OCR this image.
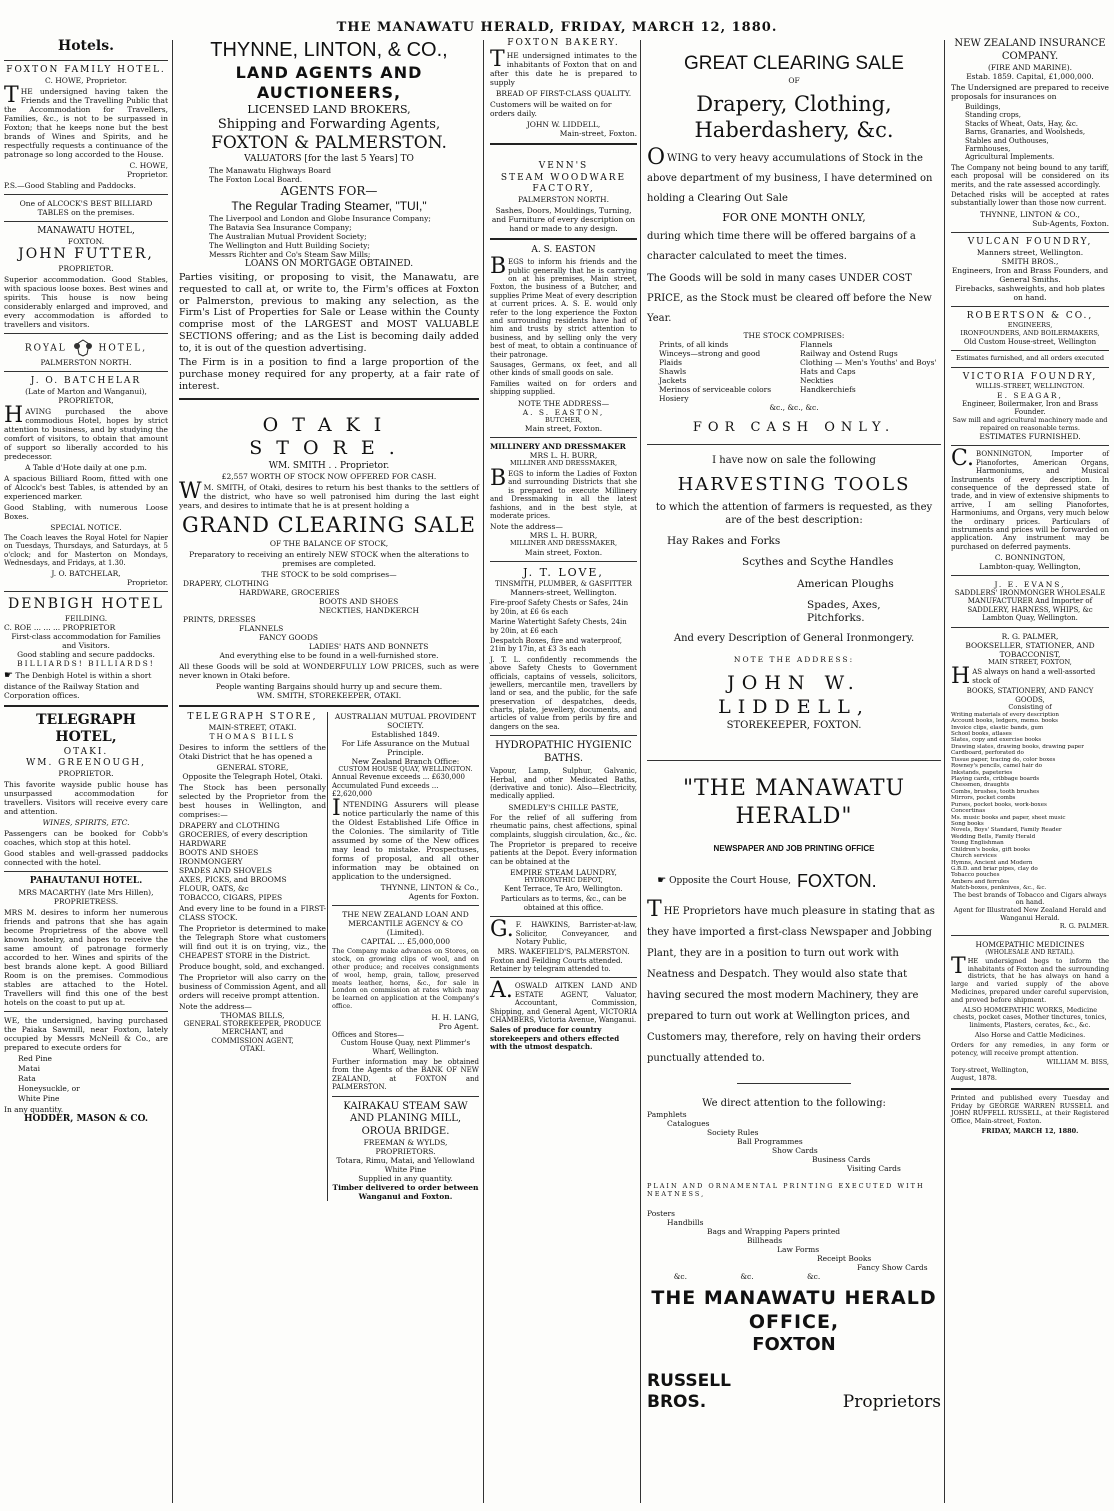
THE MANAWATU HERALD, FRIDAY, MARCH 12, 1880.
Hotels.
FOXTON FAMILY HOTEL.
C. HOWE, Proprietor.

THE undersigned having taken the Friends and the Travelling Public that the Accommodation for Travellers, Families, &c., is not to be surpassed in Foxton; that he keeps none but the best brands of Wines and Spirits, and he respectfully requests a continuance of the patronage so long accorded to the House.

C. HOWE,
Proprietor.

P.S.—Good Stabling and Paddocks.

One of ALCOCK'S BEST BILLIARD
TABLES on the premises.
MANAWATU HOTEL,
FOXTON.
JOHN FUTTER,
PROPRIETOR.

Superior accommodation. Good Stables, with spacious loose boxes. Best wines and spirits. This house is now being considerably enlarged and improved, and every accommodation is afforded to travellers and visitors.

ROYAL	HOTEL,
PALMERSTON NORTH.
J. O. BATCHELAR
(Late of Marton and Wanganui),
PROPRIETOR,

HAVING purchased the above commodious Hotel, hopes by strict attention to business, and by studying the comfort of visitors, to obtain that amount of support so liberally accorded to his predecessor.

A Table d'Hote daily at one p.m.

A spacious Billiard Room, fitted with one of Alcock's best Tables, is attended by an experienced marker.

Good Stabling, with numerous Loose Boxes.

SPECIAL NOTICE.

The Coach leaves the Royal Hotel for Napier on Tuesdays, Thursdays, and Saturdays, at 5 o'clock; and for Masterton on Mondays, Wednesdays, and Fridays, at 1.30.

J. O. BATCHELAR,
Proprietor.
DENBIGH HOTEL
FEILDING.
C. ROE ... ... ... PROPRIETOR
First-class accommodation for Families and Visitors.
Good stabling and secure paddocks.
BILLIARDS! BILLIARDS!

☛ The Denbigh Hotel is within a short distance of the Railway Station and Corporation offices.

TELEGRAPH HOTEL,
OTAKI.
WM. GREENOUGH,
PROPRIETOR.

This favorite wayside public house has unsurpassed accommodation for travellers. Visitors will receive every care and attention.

WINES, SPIRITS, ETC.

Passengers can be booked for Cobb's coaches, which stop at this hotel.

Good stables and well-grassed paddocks connected with the hotel.

PAHAUTANUI HOTEL.
MRS MACARTHY (late Mrs Hillen),
PROPRIETRESS.

MRS M. desires to inform her numerous friends and patrons that she has again become Proprietress of the above well known hostelry, and hopes to receive the same amount of patronage formerly accorded to her. Wines and spirits of the best brands alone kept. A good Billiard Room is on the premises. Commodious stables are attached to the Hotel. Travellers will find this one of the best hotels on the coast to put up at.

WE, the undersigned, having purchased the Paiaka Sawmill, near Foxton, lately occupied by Messrs McNeill & Co., are prepared to execute orders for

Red Pine
Matai
Rata
Honeysuckle, or
White Pine
In any quantity.
HODDER, MASON & CO.
THYNNE, LINTON, & CO.,
LAND AGENTS AND AUCTIONEERS,
LICENSED LAND BROKERS,
Shipping and Forwarding Agents,
FOXTON & PALMERSTON.
VALUATORS [for the last 5 Years] TO
The Manawatu Highways Board
The Foxton Local Board.
AGENTS FOR—
The Regular Trading Steamer, "TUI,"
The Liverpool and London and Globe Insurance Company;
The Batavia Sea Insurance Company;
The Australian Mutual Provident Society;
The Wellington and Hutt Building Society;
Messrs Richter and Co's Steam Saw Mills;
LOANS ON MORTGAGE OBTAINED.

Parties visiting, or proposing to visit, the Manawatu, are requested to call at, or write to, the Firm's offices at Foxton or Palmerston, previous to making any selection, as the Firm's List of Properties for Sale or Lease within the County comprise most of the LARGEST and MOST VALUABLE SECTIONS offering; and as the List is becoming daily added to, it is out of the question advertising.

The Firm is in a position to find a large proportion of the purchase money required for any property, at a fair rate of interest.

OTAKI STORE.
WM. SMITH . . Proprietor.
£2,557 WORTH OF STOCK NOW OFFERED FOR CASH.

WM. SMITH, of Otaki, desires to return his best thanks to the settlers of the district, who have so well patronised him during the last eight years, and desires to intimate that he is at present holding a

GRAND CLEARING SALE
OF THE BALANCE OF STOCK,

Preparatory to receiving an entirely NEW STOCK when the alterations to premises are completed.

THE STOCK to be sold comprises—
DRAPERY, CLOTHING
HARDWARE, GROCERIES
BOOTS AND SHOES
NECKTIES, HANDKERCH
PRINTS, DRESSES
FLANNELS
FANCY GOODS
LADIES' HATS AND BONNETS
And everything else to be found in a well-furnished store.

All these Goods will be sold at WONDERFULLY LOW PRICES, such as were never known in Otaki before.

People wanting Bargains should hurry up and secure them.
WM. SMITH, STOREKEEPER, OTAKI.
TELEGRAPH STORE,
MAIN-STREET, OTAKI.
THOMAS BILLS

Desires to inform the settlers of the Otaki District that he has opened a

GENERAL STORE,
Opposite the Telegraph Hotel, Otaki.

The Stock has been personally selected by the Proprietor from the best houses in Wellington, and comprises:—

DRAPERY and CLOTHING
GROCERIES, of every description
HARDWARE
BOOTS AND SHOES
IRONMONGERY
SPADES AND SHOVELS
AXES, PICKS, and BROOMS
FLOUR, OATS, &c
TOBACCO, CIGARS, PIPES

And every line to be found in a FIRST-CLASS STOCK.

The Proprietor is determined to make the Telegraph Store what customers will find out it is on trying, viz., the CHEAPEST STORE in the District.

Produce bought, sold, and exchanged.

The Proprietor will also carry on the business of Commission Agent, and all orders will receive prompt attention.

Note the address—
THOMAS BILLS,
GENERAL STOREKEEPER, PRODUCE
MERCHANT, and
COMMISSION AGENT,
OTAKI.
AUSTRALIAN MUTUAL PROVIDENT SOCIETY.
Established 1849.
For Life Assurance on the Mutual Principle.
New Zealand Branch Office:
CUSTOM HOUSE QUAY, WELLINGTON.
Annual Revenue exceeds ... £630,000
Accumulated Fund exceeds ... £2,620,000

INTENDING Assurers will please notice particularly the name of this the Oldest Established Life Office in the Colonies. The similarity of Title assumed by some of the New offices may lead to mistake. Prospectuses, forms of proposal, and all other information may be obtained on application to the undersigned.

THYNNE, LINTON & Co.,
Agents for Foxton.
THE NEW ZEALAND LOAN AND MERCANTILE AGENCY & CO (Limited).
CAPITAL ... £5,000,000

The Company make advances on Stores, on stock, on growing clips of wool, and on other produce; and receives consignments of wool, hemp, grain, tallow, preserved meats leather, horns, &c., for sale in London on commission at rates which may be learned on application at the Company's office.

H. H. LANG,
Pro Agent.
Offices and Stores—
Custom House Quay, next Plimmer's Wharf, Wellington.

Further information may be obtained from the Agents of the BANK OF NEW ZEALAND, at FOXTON and PALMERSTON.

KAIRAKAU STEAM SAW AND PLANING MILL, OROUA BRIDGE.
FREEMAN & WYLDS,
PROPRIETORS.
Totara, Rimu, Matai, and Yellowland White Pine
Supplied in any quantity.
Timber delivered to order between Wanganui and Foxton.
FOXTON BAKERY.

THE undersigned intimates to the inhabitants of Foxton that on and after this date he is prepared to supply

BREAD OF FIRST-CLASS QUALITY.

Customers will be waited on for orders daily.

JOHN W. LIDDELL,
Main-street, Foxton.
VENN'S
STEAM WOODWARE FACTORY,
PALMERSTON NORTH.

Sashes, Doors, Mouldings, Turning, and Furniture of every description on hand or made to any design.

A. S. EASTON

BEGS to inform his friends and the public generally that he is carrying on at his premises, Main street, Foxton, the business of a Butcher, and supplies Prime Meat of every description at current prices. A. S. E. would only refer to the long experience the Foxton and surrounding residents have had of him and trusts by strict attention to business, and by selling only the very best of meat, to obtain a continuance of their patronage.

Sausages, Germans, ox feet, and all other kinds of small goods on sale.

Families waited on for orders and shipping supplied.

NOTE THE ADDRESS—
A. S. EASTON,
BUTCHER,
Main street, Foxton.
MILLINERY AND DRESSMAKER
MRS L. H. BURR,
MILLINER AND DRESSMAKER,

BEGS to inform the Ladies of Foxton and surrounding Districts that she is prepared to execute Millinery and Dressmaking in all the latest fashions, and in the best style, at moderate prices.

Note the address—
MRS L. H. BURR,
MILLINER AND DRESSMAKER,
Main street, Foxton.
J. T. LOVE,
TINSMITH, PLUMBER, & GASFITTER
Manners-street, Wellington.

Fire-proof Safety Chests or Safes, 24in by 20in, at £6 6s each

Marine Watertight Safety Chests, 24in by 20in, at £6 each

Despatch Boxes, fire and waterproof, 21in by 17in, at £3 3s each

J. T. L. confidently recommends the above Safety Chests to Government officials, captains of vessels, solicitors, jewellers, mercantile men, travellers by land or sea, and the public, for the safe preservation of despatches, deeds, charts, plate, jewellery, documents, and articles of value from perils by fire and dangers on the sea.

HYDROPATHIC HYGIENIC BATHS.

Vapour, Lamp, Sulphur, Galvanic, Herbal, and other Medicated Baths, (derivative and tonic). Also—Electricity, medically applied.

SMEDLEY'S CHILLE PASTE,

For the relief of all suffering from rheumatic pains, chest affections, spinal complaints, sluggish circulation, &c., &c.

The Proprietor is prepared to receive patients at the Depot. Every information can be obtained at the

EMPIRE STEAM LAUNDRY,
HYDROPATHIC DEPOT,
Kent Terrace, Te Aro, Wellington.

Particulars as to terms, &c., can be obtained at this office.

G.F. HAWKINS, Barrister-at-law, Solicitor, Conveyancer, and Notary Public,

MRS. WAKEFIELD'S, PALMERSTON.
Foxton and Feilding Courts attended.
Retainer by telegram attended to.

A.OSWALD AITKEN LAND AND ESTATE AGENT, Valuator, Accountant, Commission, Shipping, and General Agent, VICTORIA CHAMBERS, Victoria Avenue, Wanganui.

Sales of produce for country storekeepers and others effected with the utmost despatch.

GREAT CLEARING SALE
OF
Drapery, Clothing, Haberdashery, &c.

OWING to very heavy accumulations of Stock in the above department of my business, I have determined on holding a Clearing Out Sale

FOR ONE MONTH ONLY,

during which time there will be offered bargains of a character calculated to meet the times.

The Goods will be sold in many cases UNDER COST PRICE, as the Stock must be cleared off before the New Year.

THE STOCK COMPRISES:
Prints, of all kinds
Winceys—strong and good
Plaids
Shawls
Jackets
Merinos of serviceable colors
Hosiery
Flannels
Railway and Ostend Rugs
Clothing — Men's Youths' and Boys'
Hats and Caps
Neckties
Handkerchiefs
&c., &c., &c.
FOR CASH ONLY.
I have now on sale the following
HARVESTING TOOLS
to which the attention of farmers is requested, as they are of the best description:
Hay Rakes and Forks
Scythes and Scythe Handles
American Ploughs
Spades, Axes, Pitchforks.
And every Description of General Ironmongery.
NOTE THE ADDRESS:
JOHN W. LIDDELL,
STOREKEEPER, FOXTON.
"THE MANAWATU HERALD"
NEWSPAPER AND JOB PRINTING OFFICE
☛ Opposite the Court House, FOXTON.

THE Proprietors have much pleasure in stating that as they have imported a first-class Newspaper and Jobbing Plant, they are in a position to turn out work with Neatness and Despatch. They would also state that having secured the most modern Machinery, they are prepared to turn out work at Wellington prices, and Customers may, therefore, rely on having their orders punctually attended to.

We direct attention to the following:
Pamphlets
Catalogues
Society Rules
Ball Programmes
Show Cards
Business Cards
Visiting Cards
PLAIN AND ORNAMENTAL PRINTING EXECUTED WITH NEATNESS,
Posters
Handbills
Bags and Wrapping Papers printed
Billheads
Law Forms
Receipt Books
Fancy Show Cards
&c.	&c.	&c.
THE MANAWATU HERALD OFFICE,
FOXTON
RUSSELL BROS.	Proprietors
NEW ZEALAND INSURANCE COMPANY.
(FIRE AND MARINE).
Estab. 1859. Capital, £1,000,000.

The Undersigned are prepared to receive proposals for insurances on

Buildings,
Standing crops,
Stacks of Wheat, Oats, Hay, &c.
Barns, Granaries, and Woolsheds,
Stables and Outhouses,
Farmhouses,
Agricultural Implements.

The Company not being bound to any tariff, each proposal will be considered on its merits, and the rate assessed accordingly.

Detached risks will be accepted at rates substantially lower than those now current.

THYNNE, LINTON & CO.,
Sub-Agents, Foxton.
VULCAN FOUNDRY,
Manners street, Wellington.
SMITH BROS.,
Engineers, Iron and Brass Founders, and General Smiths.
Firebacks, sashweights, and hob plates on hand.
ROBERTSON & CO.,
ENGINEERS,
IRONFOUNDERS, AND BOILERMAKERS,
Old Custom House-street, Wellington
Estimates furnished, and all orders executed
VICTORIA FOUNDRY,
WILLIS-STREET, WELLINGTON.
E. SEAGAR,
Engineer, Boilermaker, Iron and Brass Founder.
Saw mill and agricultural machinery made and repaired on reasonable terms.
ESTIMATES FURNISHED.

C.BONNINGTON, Importer of Pianofortes, American Organs, Harmoniums, and Musical Instruments of every description. In consequence of the depressed state of trade, and in view of extensive shipments to arrive, I am selling Pianofortes, Harmoniums, and Organs, very much below the ordinary prices. Particulars of instruments and prices will be forwarded on application. Any instrument may be purchased on deferred payments.

C. BONNINGTON,
Lambton-quay, Wellington,
J. E. EVANS,
SADDLERS' IRONMONGER WHOLESALE MANUFACTURER And Importer of
SADDLERY, HARNESS, WHIPS, &c
Lambton Quay, Wellington.
R. G. PALMER,
BOOKSELLER, STATIONER, AND TOBACCONIST,
MAIN STREET, FOXTON,

HAS always on hand a well-assorted stock of

BOOKS, STATIONERY, AND FANCY GOODS,
Consisting of
Writing materials of every description
Account books, ledgers, memo. books
Invoice clips, elastic bands, gum
School books, atlases
Slates, copy and exercise books
Drawing slates, drawing books, drawing paper
Cardboard, perforated do
Tissue paper, tracing do, color boxes
Rowney's pencils, camel hair do
Inkstands, papeteries
Playing cards, cribbage boards
Chessmen, draughts
Combs, brushes, tooth brushes
Mirrors, pocket combs
Purses, pocket books, work-boxes
Concertinas
Ms. music books and paper, sheet music
Song books
Novels, Boys' Standard, Family Reader
Wedding Bells, Family Herald
Young Englishman
Children's books, gift books
Church services
Hymns, Ancient and Modern
G.B.D. and briar pipes, clay do
Tobacco pouches
Ambers and ferrules
Match-boxes, penknives, &c., &c.
The best brands of Tobacco and Cigars always on hand.
Agent for Illustrated New Zealand Herald and Wanganui Herald.
R. G. PALMER.
HOMŒPATHIC MEDICINES
(WHOLESALE AND RETAIL).

THE undersigned begs to inform the inhabitants of Foxton and the surrounding districts, that he has always on hand a large and varied supply of the above Medicines, prepared under careful supervision, and proved before shipment.

ALSO HOMŒPATHIC WORKS, Medicine chests, pocket cases, Mother tinctures, tonics, liniments, Plasters, cerates, &c., &c.

Also Horse and Cattle Medicines.

Orders for any remedies, in any form or potency, will receive prompt attention.

WILLIAM M. BISS,
Tory-street, Wellington,
August, 1878.

Printed and published every Tuesday and Friday by GEORGE WARREN RUSSELL and JOHN RUFFELL RUSSELL, at their Registered Office, Main-street, Foxton.

FRIDAY, MARCH 12, 1880.
